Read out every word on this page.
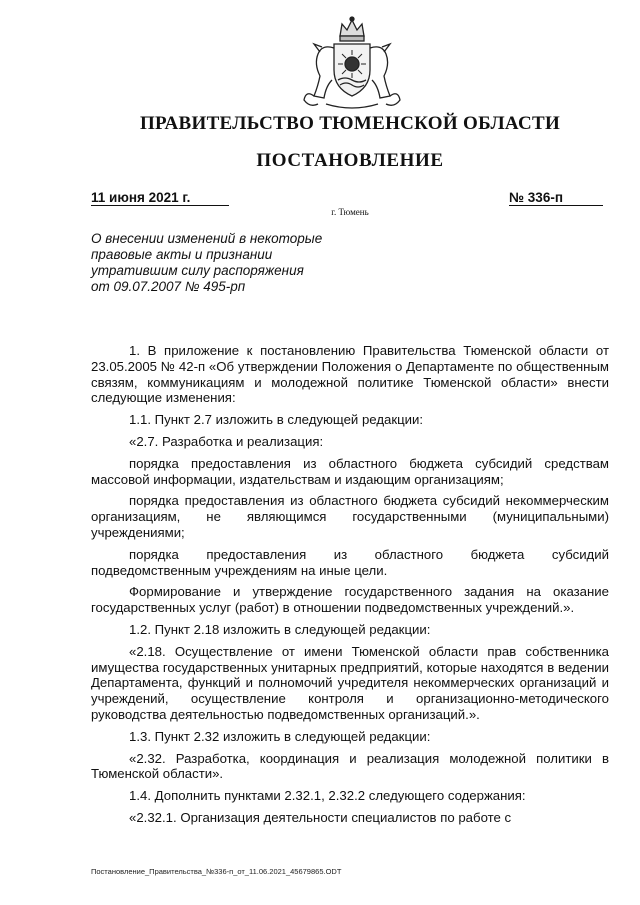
ПРАВИТЕЛЬСТВО ТЮМЕНСКОЙ ОБЛАСТИ
ПОСТАНОВЛЕНИЕ
11 июня 2021 г.	№ 336-п
г. Тюмень
О внесении изменений в некоторые
правовые акты и признании
утратившим силу распоряжения
от 09.07.2007 № 495-рп

1. В приложение к постановлению Правительства Тюменской области от 23.05.2005 № 42-п «Об утверждении Положения о Департаменте по общественным связям, коммуникациям и молодежной политике Тюменской области» внести следующие изменения:

1.1. Пункт 2.7 изложить в следующей редакции:

«2.7. Разработка и реализация:

порядка предоставления из областного бюджета субсидий средствам массовой информации, издательствам и издающим организациям;

порядка предоставления из областного бюджета субсидий некоммерческим организациям, не являющимся государственными (муниципальными) учреждениями;

порядка предоставления из областного бюджета субсидий подведомственным учреждениям на иные цели.

Формирование и утверждение государственного задания на оказание государственных услуг (работ) в отношении подведомственных учреждений.».

1.2. Пункт 2.18 изложить в следующей редакции:

«2.18. Осуществление от имени Тюменской области прав собственника имущества государственных унитарных предприятий, которые находятся в ведении Департамента, функций и полномочий учредителя некоммерческих организаций и учреждений, осуществление контроля и организационно-методического руководства деятельностью подведомственных организаций.».

1.3. Пункт 2.32 изложить в следующей редакции:

«2.32. Разработка, координация и реализация молодежной политики в Тюменской области».

1.4. Дополнить пунктами 2.32.1, 2.32.2 следующего содержания:

«2.32.1. Организация деятельности специалистов по работе с

Постановление_Правительства_№336-п_от_11.06.2021_45679865.ODT
